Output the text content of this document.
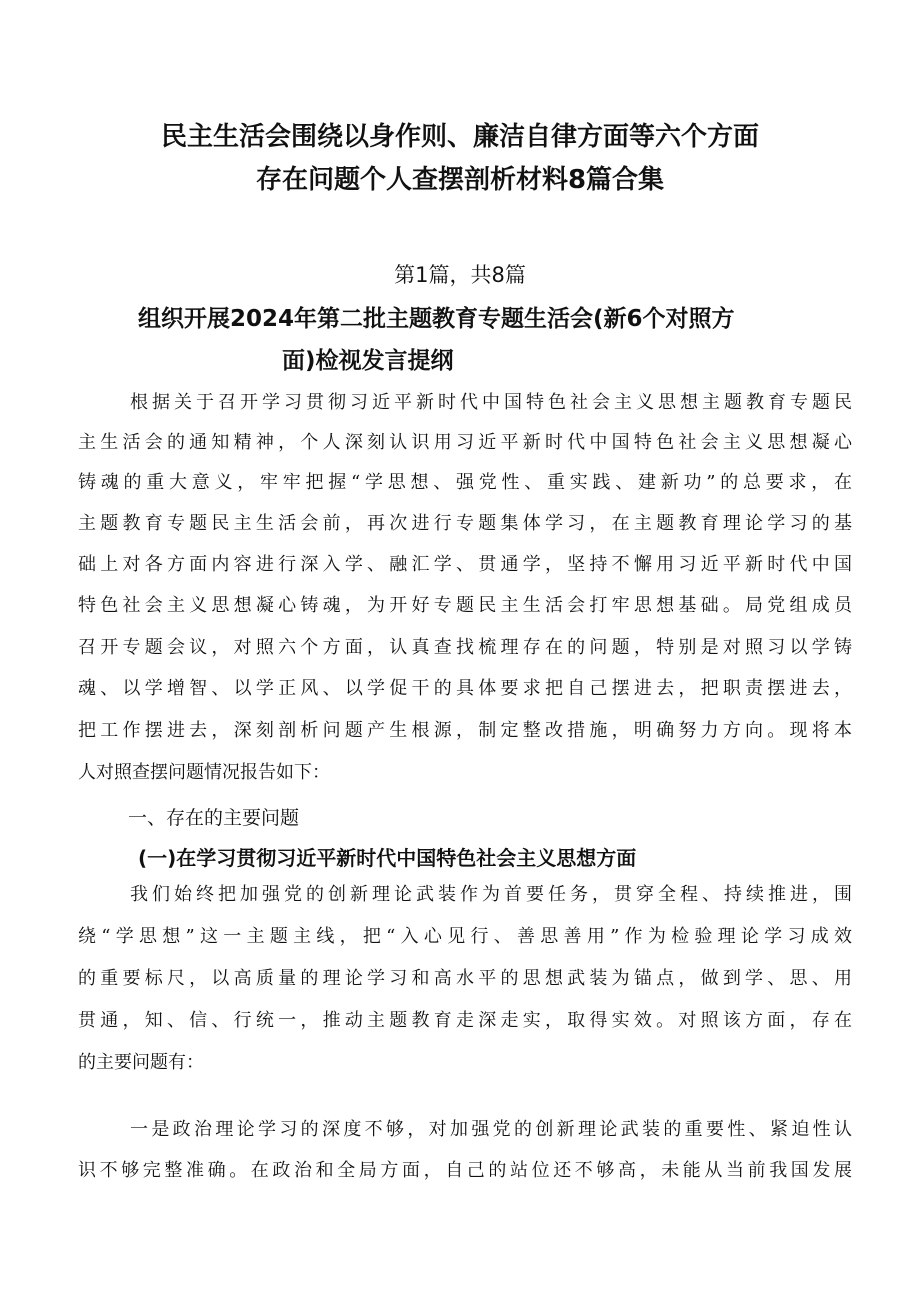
民主生活会围绕以身作则、廉洁自律方面等六个方面
存在问题个人查摆剖析材料8篇合集
第1篇，共8篇
组织开展2024年第二批主题教育专题生活会(新6个对照方
面)检视发言提纲
根据关于召开学习贯彻习近平新时代中国特色社会主义思想主题教育专题民
主生活会的通知精神，个人深刻认识用习近平新时代中国特色社会主义思想凝心
铸魂的重大意义，牢牢把握“学思想、强党性、重实践、建新功”的总要求，在
主题教育专题民主生活会前，再次进行专题集体学习，在主题教育理论学习的基
础上对各方面内容进行深入学、融汇学、贯通学，坚持不懈用习近平新时代中国
特色社会主义思想凝心铸魂，为开好专题民主生活会打牢思想基础。局党组成员
召开专题会议，对照六个方面，认真查找梳理存在的问题，特别是对照习以学铸
魂、以学增智、以学正风、以学促干的具体要求把自己摆进去，把职责摆进去，
把工作摆进去，深刻剖析问题产生根源，制定整改措施，明确努力方向。现将本
人对照查摆问题情况报告如下：
一、存在的主要问题
(一)在学习贯彻习近平新时代中国特色社会主义思想方面
我们始终把加强党的创新理论武装作为首要任务，贯穿全程、持续推进，围
绕“学思想”这一主题主线，把“入心见行、善思善用”作为检验理论学习成效
的重要标尺，以高质量的理论学习和高水平的思想武装为锚点，做到学、思、用
贯通，知、信、行统一，推动主题教育走深走实，取得实效。对照该方面，存在
的主要问题有：
一是政治理论学习的深度不够，对加强党的创新理论武装的重要性、紧迫性认
识不够完整准确。在政治和全局方面，自己的站位还不够高，未能从当前我国发展
